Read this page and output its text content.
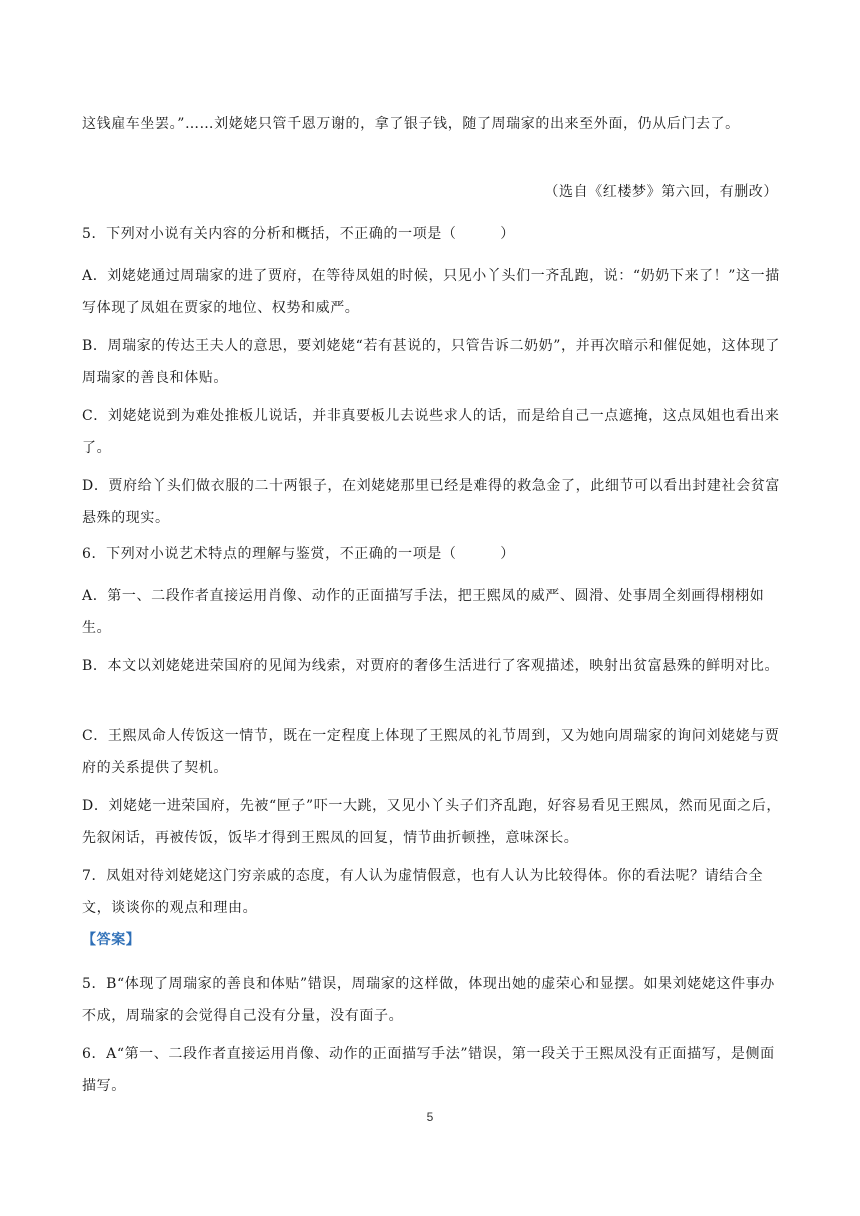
这钱雇车坐罢。”……刘姥姥只管千恩万谢的，拿了银子钱，随了周瑞家的出来至外面，仍从后门去了。

（选自《红楼梦》第六回，有删改）

5．下列对小说有关内容的分析和概括，不正确的一项是（　　　）

A．刘姥姥通过周瑞家的进了贾府，在等待凤姐的时候，只见小丫头们一齐乱跑，说：“奶奶下来了！”这一描写体现了凤姐在贾家的地位、权势和威严。

B．周瑞家的传达王夫人的意思，要刘姥姥“若有甚说的，只管告诉二奶奶”，并再次暗示和催促她，这体现了周瑞家的善良和体贴。

C．刘姥姥说到为难处推板儿说话，并非真要板儿去说些求人的话，而是给自己一点遮掩，这点凤姐也看出来了。

D．贾府给丫头们做衣服的二十两银子，在刘姥姥那里已经是难得的救急金了，此细节可以看出封建社会贫富悬殊的现实。

6．下列对小说艺术特点的理解与鉴赏，不正确的一项是（　　　）

A．第一、二段作者直接运用肖像、动作的正面描写手法，把王熙凤的威严、圆滑、处事周全刻画得栩栩如生。

B．本文以刘姥姥进荣国府的见闻为线索，对贾府的奢侈生活进行了客观描述，映射出贫富悬殊的鲜明对比。

C．王熙凤命人传饭这一情节，既在一定程度上体现了王熙凤的礼节周到，又为她向周瑞家的询问刘姥姥与贾府的关系提供了契机。

D．刘姥姥一进荣国府，先被“匣子”吓一大跳，又见小丫头子们齐乱跑，好容易看见王熙凤，然而见面之后，先叙闲话，再被传饭，饭毕才得到王熙凤的回复，情节曲折顿挫，意味深长。

7．凤姐对待刘姥姥这门穷亲戚的态度，有人认为虚情假意，也有人认为比较得体。你的看法呢？请结合全文，谈谈你的观点和理由。

【答案】

5．B“体现了周瑞家的善良和体贴”错误，周瑞家的这样做，体现出她的虚荣心和显摆。如果刘姥姥这件事办不成，周瑞家的会觉得自己没有分量，没有面子。

6．A“第一、二段作者直接运用肖像、动作的正面描写手法”错误，第一段关于王熙凤没有正面描写，是侧面描写。

5
